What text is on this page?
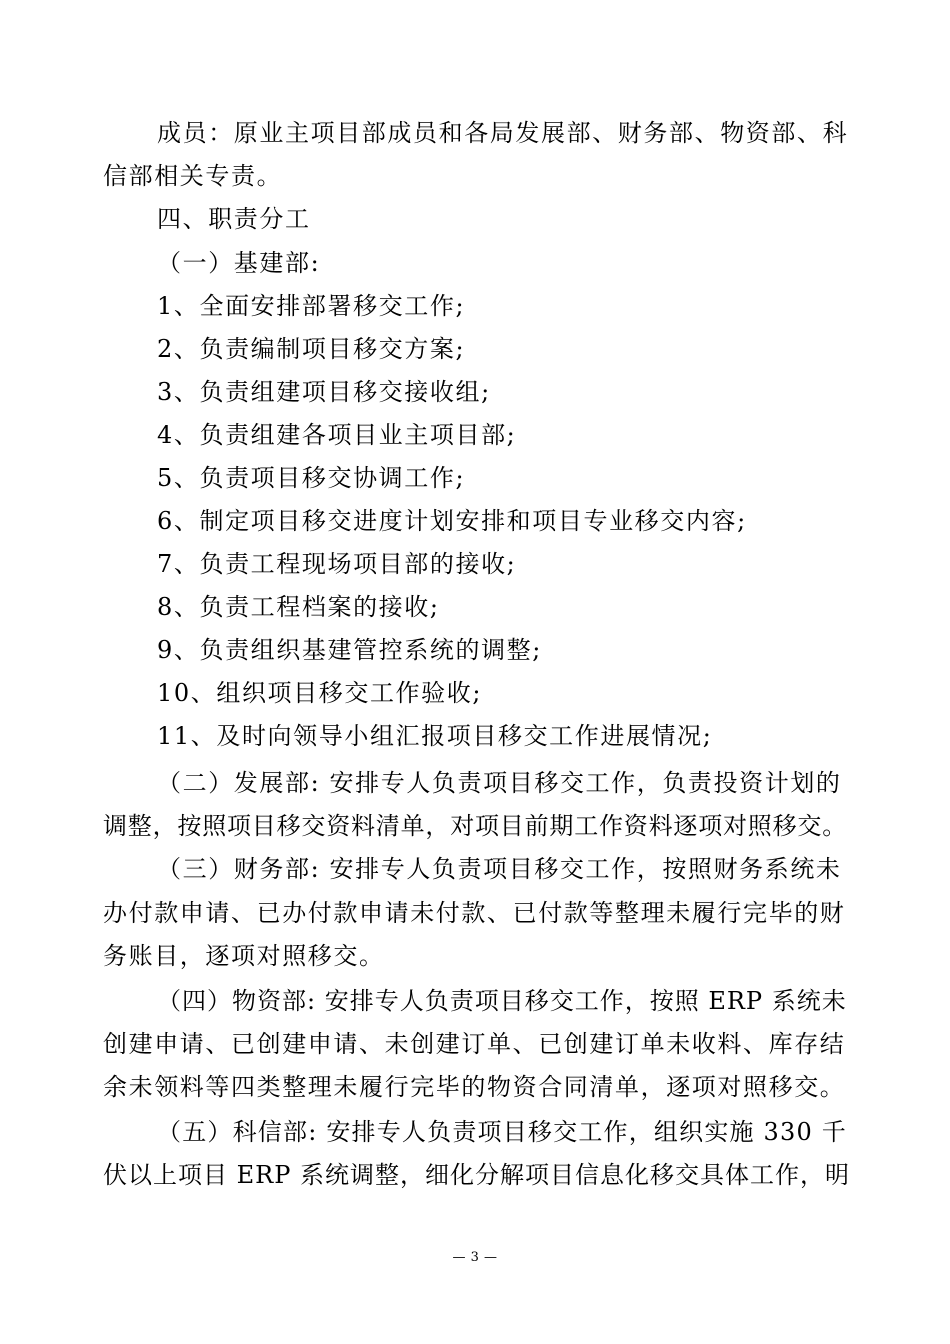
成员：原业主项目部成员和各局发展部、财务部、物资部、科
信部相关专责。
四、职责分工
（一）基建部:
1、全面安排部署移交工作;
2、负责编制项目移交方案;
3、负责组建项目移交接收组;
4、负责组建各项目业主项目部;
5、负责项目移交协调工作;
6、制定项目移交进度计划安排和项目专业移交内容;
7、负责工程现场项目部的接收;
8、负责工程档案的接收;
9、负责组织基建管控系统的调整;
10、组织项目移交工作验收;
11、及时向领导小组汇报项目移交工作进展情况;
（二）发展部: 安排专人负责项目移交工作，负责投资计划的
调整，按照项目移交资料清单，对项目前期工作资料逐项对照移交。
（三）财务部: 安排专人负责项目移交工作，按照财务系统未
办付款申请、已办付款申请未付款、已付款等整理未履行完毕的财
务账目，逐项对照移交。
（四）物资部: 安排专人负责项目移交工作，按照 ERP 系统未
创建申请、已创建申请、未创建订单、已创建订单未收料、库存结
余未领料等四类整理未履行完毕的物资合同清单，逐项对照移交。
（五）科信部: 安排专人负责项目移交工作，组织实施 330 千
伏以上项目 ERP 系统调整，细化分解项目信息化移交具体工作，明
— 3 —
